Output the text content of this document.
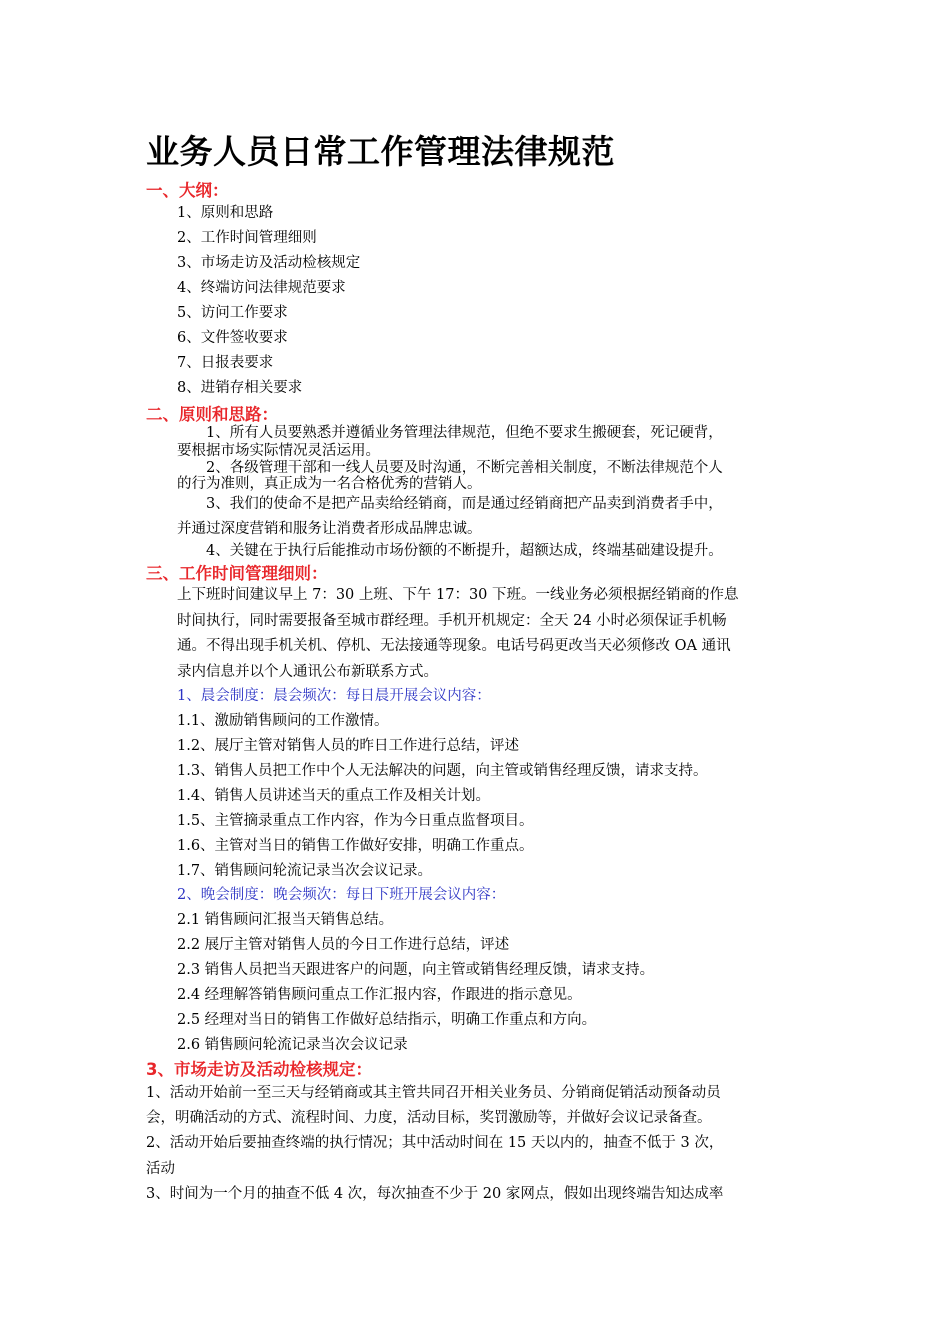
业务人员日常工作管理法律规范
一、大纲：
1、原则和思路
2、工作时间管理细则
3、市场走访及活动检核规定
4、终端访问法律规范要求
5、访问工作要求
6、文件签收要求
7、日报表要求
8、进销存相关要求
二、原则和思路：
　　1、所有人员要熟悉并遵循业务管理法律规范，但绝不要求生搬硬套，死记硬背，
要根据市场实际情况灵活运用。
　　2、各级管理干部和一线人员要及时沟通，不断完善相关制度，不断法律规范个人
的行为准则，真正成为一名合格优秀的营销人。
　　3、我们的使命不是把产品卖给经销商，而是通过经销商把产品卖到消费者手中，
并通过深度营销和服务让消费者形成品牌忠诚。
　　4、关键在于执行后能推动市场份额的不断提升，超额达成，终端基础建设提升。
三、工作时间管理细则：
上下班时间建议早上 7：30 上班、下午 17：30 下班。一线业务必须根据经销商的作息
时间执行，同时需要报备至城市群经理。手机开机规定：全天 24 小时必须保证手机畅
通。不得出现手机关机、停机、无法接通等现象。电话号码更改当天必须修改 OA 通讯
录内信息并以个人通讯公布新联系方式。
1、晨会制度：晨会频次：每日晨开展会议内容：
1.1、激励销售顾问的工作激情。
1.2、展厅主管对销售人员的昨日工作进行总结，评述
1.3、销售人员把工作中个人无法解决的问题，向主管或销售经理反馈，请求支持。
1.4、销售人员讲述当天的重点工作及相关计划。
1.5、主管摘录重点工作内容，作为今日重点监督项目。
1.6、主管对当日的销售工作做好安排，明确工作重点。
1.7、销售顾问轮流记录当次会议记录。
2、晚会制度：晚会频次：每日下班开展会议内容：
2.1 销售顾问汇报当天销售总结。
2.2 展厅主管对销售人员的今日工作进行总结，评述
2.3 销售人员把当天跟进客户的问题，向主管或销售经理反馈，请求支持。
2.4 经理解答销售顾问重点工作汇报内容，作跟进的指示意见。
2.5 经理对当日的销售工作做好总结指示，明确工作重点和方向。
2.6 销售顾问轮流记录当次会议记录
3、市场走访及活动检核规定：
1、活动开始前一至三天与经销商或其主管共同召开相关业务员、分销商促销活动预备动员
会，明确活动的方式、流程时间、力度，活动目标，奖罚激励等，并做好会议记录备查。
2、活动开始后要抽查终端的执行情况；其中活动时间在 15 天以内的，抽查不低于 3 次，
活动
3、时间为一个月的抽查不低 4 次，每次抽查不少于 20 家网点，假如出现终端告知达成率
